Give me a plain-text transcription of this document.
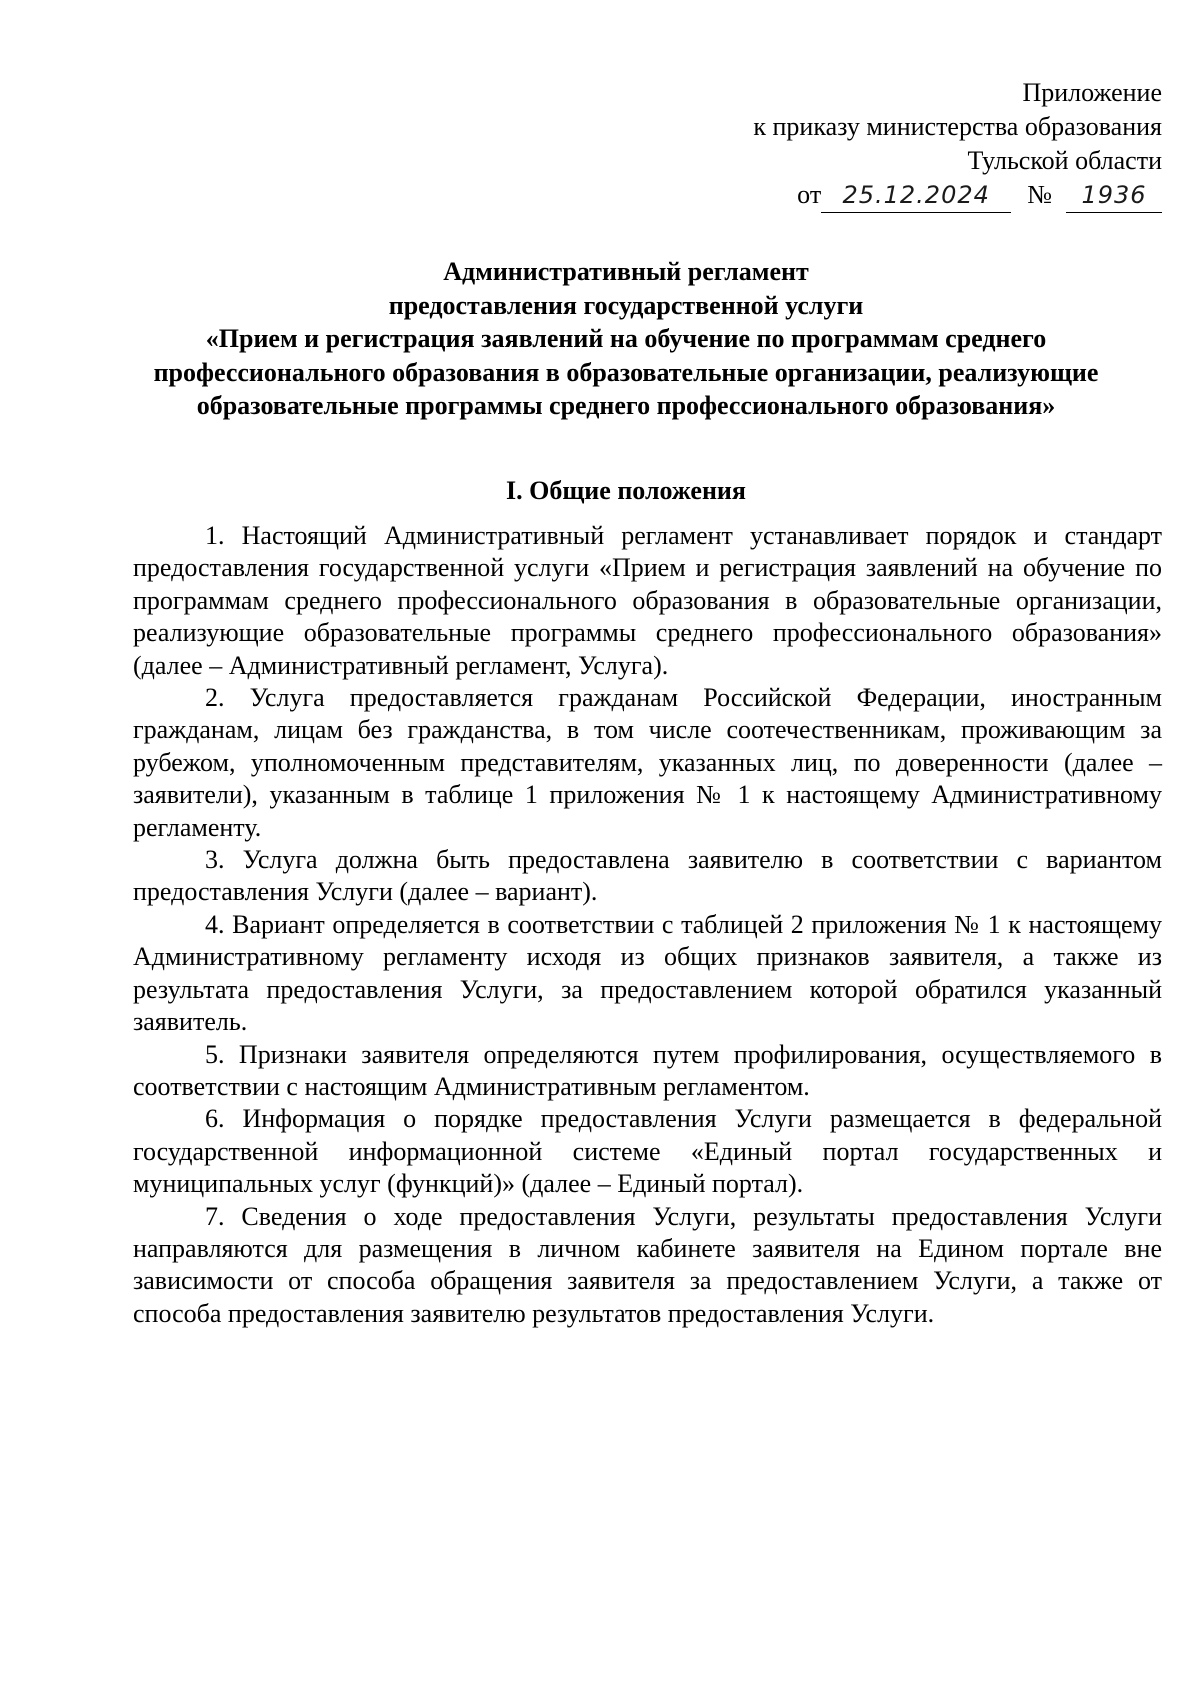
Приложение
к приказу министерства образования
Тульской области
от 25.12.2024 № 1936
Административный регламент
предоставления государственной услуги
«Прием и регистрация заявлений на обучение по программам среднего
профессионального образования в образовательные организации, реализующие
образовательные программы среднего профессионального образования»
I. Общие положения

1. Настоящий Административный регламент устанавливает порядок и стандарт предоставления государственной услуги «Прием и регистрация заявлений на обучение по программам среднего профессионального образования в образовательные организации, реализующие образовательные программы среднего профессионального образования» (далее – Административный регламент, Услуга).

2. Услуга предоставляется гражданам Российской Федерации, иностранным гражданам, лицам без гражданства, в том числе соотечественникам, проживающим за рубежом, уполномоченным представителям, указанных лиц, по доверенности (далее – заявители), указанным в таблице 1 приложения № 1 к настоящему Административному регламенту.

3. Услуга должна быть предоставлена заявителю в соответствии с вариантом предоставления Услуги (далее – вариант).

4. Вариант определяется в соответствии с таблицей 2 приложения № 1 к настоящему Административному регламенту исходя из общих признаков заявителя, а также из результата предоставления Услуги, за предоставлением которой обратился указанный заявитель.

5. Признаки заявителя определяются путем профилирования, осуществляемого в соответствии с настоящим Административным регламентом.

6. Информация о порядке предоставления Услуги размещается в федеральной государственной информационной системе «Единый портал государственных и муниципальных услуг (функций)» (далее – Единый портал).

7. Сведения о ходе предоставления Услуги, результаты предоставления Услуги направляются для размещения в личном кабинете заявителя на Едином портале вне зависимости от способа обращения заявителя за предоставлением Услуги, а также от способа предоставления заявителю результатов предоставления Услуги.
